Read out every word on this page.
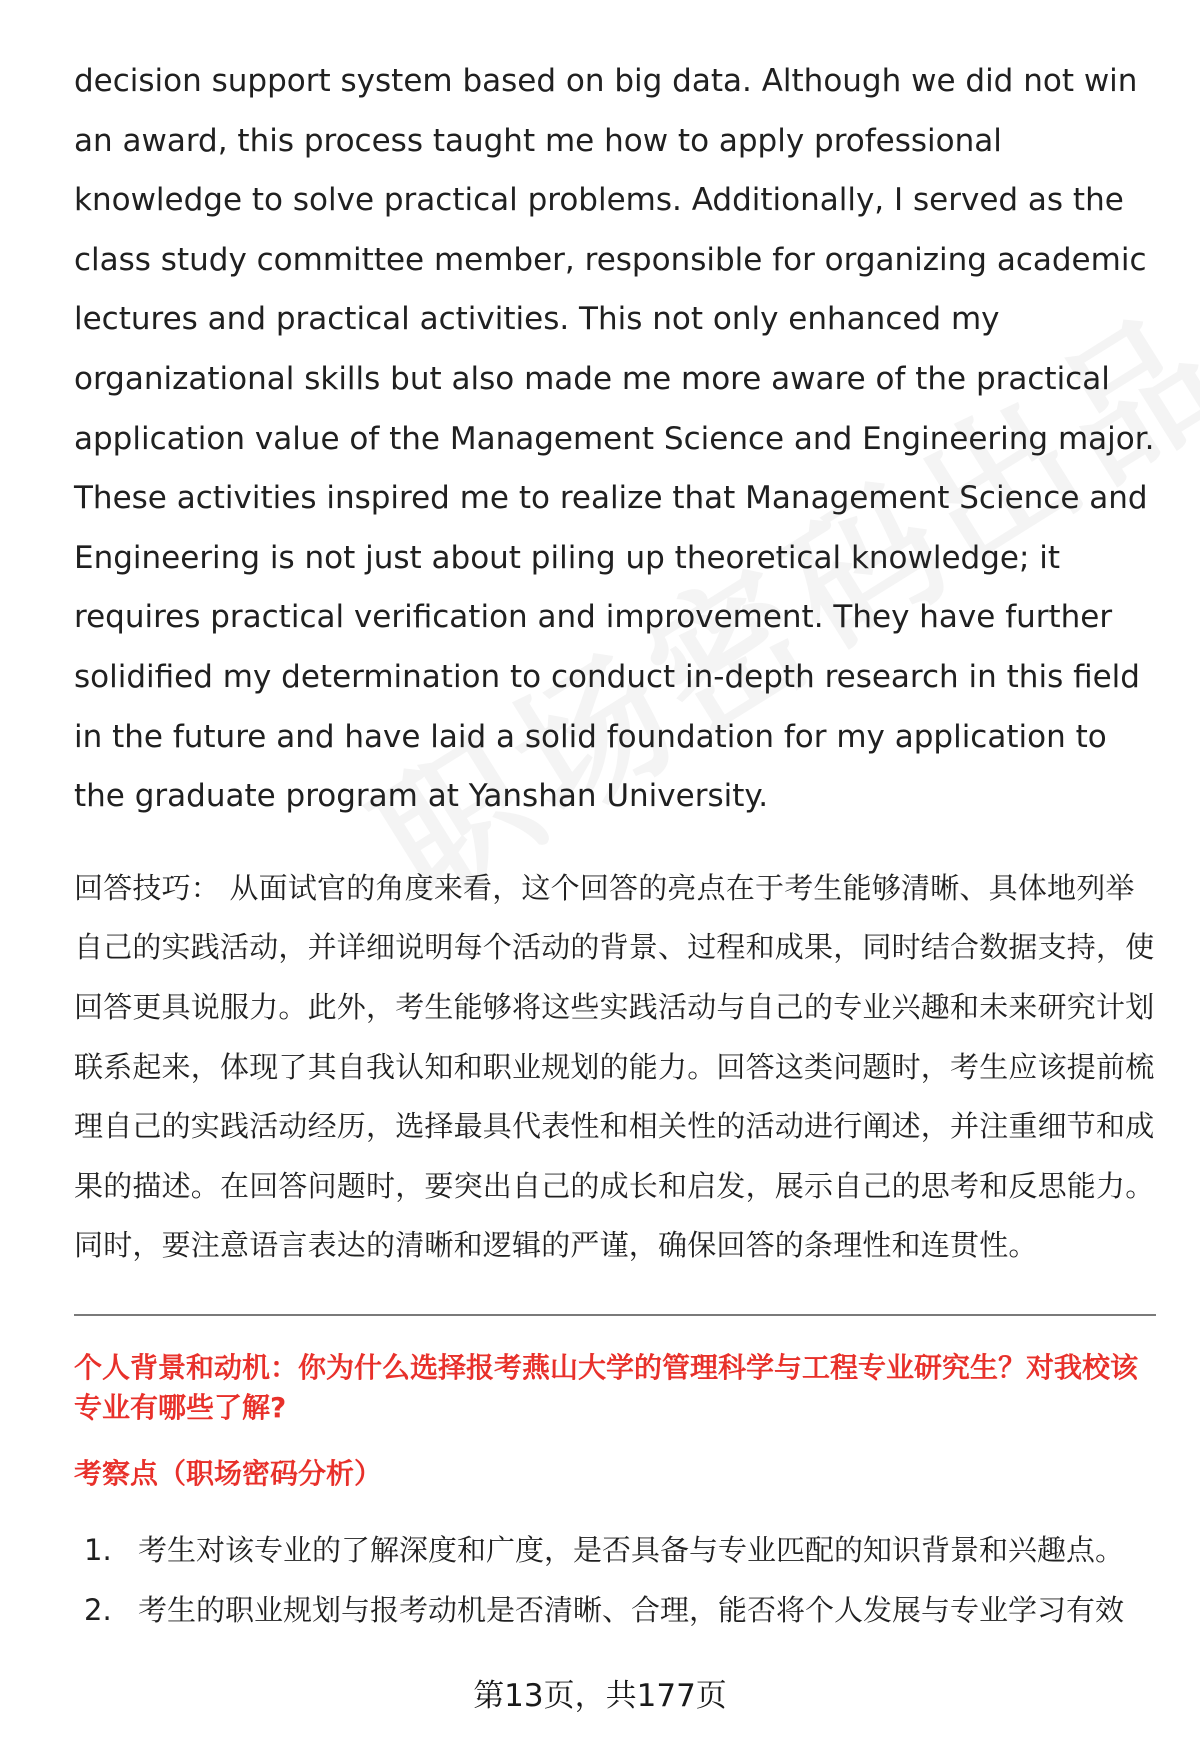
decision support system based on big data. Although we did not win an award, this process taught me how to apply professional knowledge to solve practical problems. Additionally, I served as the class study committee member, responsible for organizing academic lectures and practical activities. This not only enhanced my organizational skills but also made me more aware of the practical application value of the Management Science and Engineering major. These activities inspired me to realize that Management Science and Engineering is not just about piling up theoretical knowledge; it requires practical verification and improvement. They have further solidified my determination to conduct in-depth research in this field in the future and have laid a solid foundation for my application to the graduate program at Yanshan University.

回答技巧： 从面试官的角度来看，这个回答的亮点在于考生能够清晰、具体地列举自己的实践活动，并详细说明每个活动的背景、过程和成果，同时结合数据支持，使回答更具说服力。此外，考生能够将这些实践活动与自己的专业兴趣和未来研究计划联系起来，体现了其自我认知和职业规划的能力。回答这类问题时，考生应该提前梳理自己的实践活动经历，选择最具代表性和相关性的活动进行阐述，并注重细节和成果的描述。在回答问题时，要突出自己的成长和启发，展示自己的思考和反思能力。同时，要注意语言表达的清晰和逻辑的严谨，确保回答的条理性和连贯性。

个人背景和动机：你为什么选择报考燕山大学的管理科学与工程专业研究生？对我校该专业有哪些了解?

考察点（职场密码分析）

1. 考生对该专业的了解深度和广度，是否具备与专业匹配的知识背景和兴趣点。
2. 考生的职业规划与报考动机是否清晰、合理，能否将个人发展与专业学习有效
第13页，共177页
